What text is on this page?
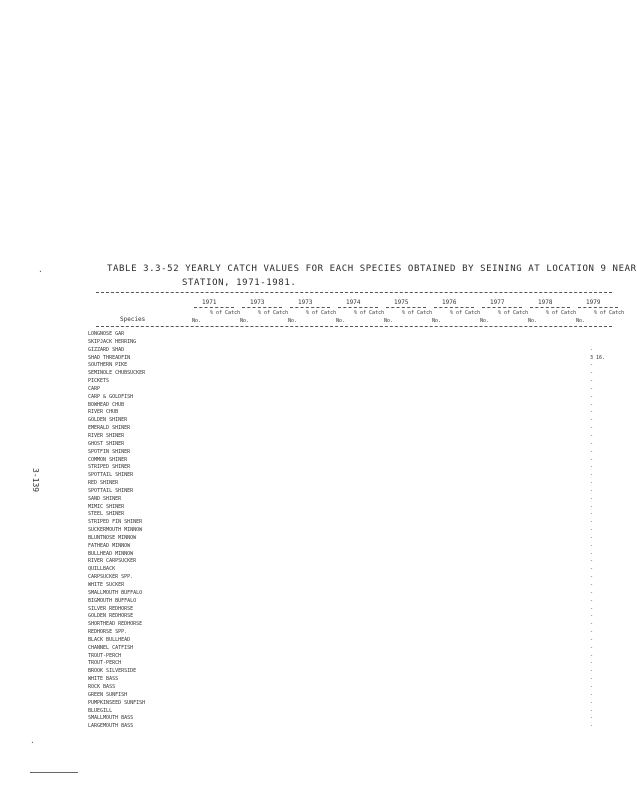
.	TABLE 3.3-52 YEARLY CATCH VALUES FOR EACH SPECIES OBTAINED BY SEINING AT LOCATION 9 NEAR
STATION, 1971-1981.
1971
No.
% of Catch
1973
No.
% of Catch
1973
No.
% of Catch
1974
No.
% of Catch
1975
No.
% of Catch
1976
No.
% of Catch
1977
No.
% of Catch
1978
No.
% of Catch
1979
No.
% of Catch
Species
LONGNOSE GAR
SKIPJACK HERRING
GIZZARD SHAD
SHAD THREADFIN
SOUTHERN PIKE
SEMINOLE CHUBSUCKER
PICKETS
CARP
CARP & GOLDFISH
BOWHEAD CHUB
RIVER CHUB
GOLDEN SHINER
EMERALD SHINER
RIVER SHINER
GHOST SHINER
SPOTFIN SHINER
COMMON SHINER
STRIPED SHINER
SPOTTAIL SHINER
RED SHINER
SPOTTAIL SHINER
SAND SHINER
MIMIC SHINER
STEEL SHINER
STRIPED FIN SHINER
SUCKERMOUTH MINNOW
BLUNTNOSE MINNOW
FATHEAD MINNOW
BULLHEAD MINNOW
RIVER CARPSUCKER
QUILLBACK
CARPSUCKER SPP.
WHITE SUCKER
SMALLMOUTH BUFFALO
BIGMOUTH BUFFALO
SILVER REDHORSE
GOLDEN REDHORSE
SHORTHEAD REDHORSE
REDHORSE SPP.
BLACK BULLHEAD
CHANNEL CATFISH
TROUT-PERCH
TROUT-PERCH
BROOK SILVERSIDE
WHITE BASS
ROCK BASS
GREEN SUNFISH
PUMPKINSEED SUNFISH
BLUEGILL
SMALLMOUTH BASS
LARGEMOUTH BASS
-
3 16.
-
-
-
-
-
-
-
-
-
-
-
-
-
-
-
-
-
-
-
-
-
-
-
-
-
-
-
-
-
-
-
-
-
-
-
-
-
-
-
-
-
-
-
-
-
-
-
3-139
.
